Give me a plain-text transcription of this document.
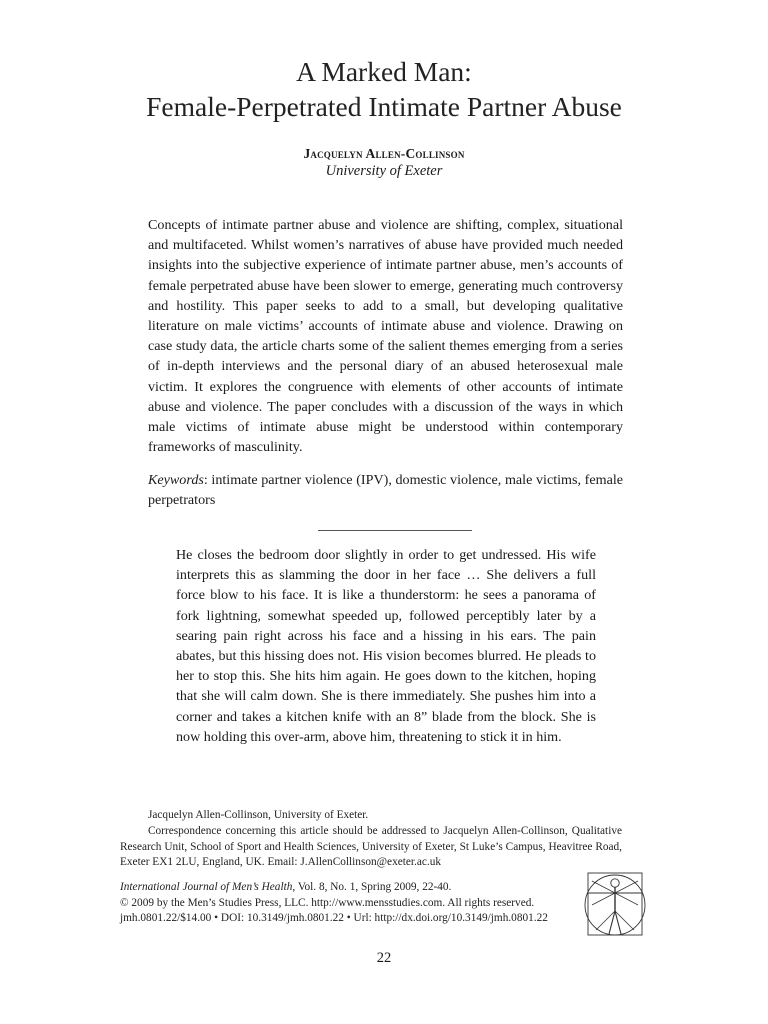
A Marked Man:
Female-Perpetrated Intimate Partner Abuse
Jacquelyn Allen-Collinson
University of Exeter
Concepts of intimate partner abuse and violence are shifting, complex, situational and multifaceted. Whilst women’s narratives of abuse have provided much needed insights into the subjective experience of intimate partner abuse, men’s accounts of female perpetrated abuse have been slower to emerge, generating much controversy and hostility. This paper seeks to add to a small, but developing qualitative literature on male victims’ accounts of intimate abuse and violence. Drawing on case study data, the article charts some of the salient themes emerging from a series of in-depth interviews and the personal diary of an abused heterosexual male victim. It explores the congruence with elements of other accounts of intimate abuse and violence. The paper concludes with a discussion of the ways in which male victims of intimate abuse might be understood within contemporary frameworks of masculinity.
Keywords: intimate partner violence (IPV), domestic violence, male victims, female perpetrators
He closes the bedroom door slightly in order to get undressed. His wife interprets this as slamming the door in her face … She delivers a full force blow to his face. It is like a thunderstorm: he sees a panorama of fork lightning, somewhat speeded up, followed perceptibly later by a searing pain right across his face and a hissing in his ears. The pain abates, but this hissing does not. His vision becomes blurred. He pleads to her to stop this. She hits him again. He goes down to the kitchen, hoping that she will calm down. She is there immediately. She pushes him into a corner and takes a kitchen knife with an 8” blade from the block. She is now holding this over-arm, above him, threatening to stick it in him.
Jacquelyn Allen-Collinson, University of Exeter.
Correspondence concerning this article should be addressed to Jacquelyn Allen-Collinson, Qualitative Research Unit, School of Sport and Health Sciences, University of Exeter, St Luke’s Campus, Heavitree Road, Exeter EX1 2LU, England, UK. Email: J.AllenCollinson@exeter.ac.uk
International Journal of Men’s Health, Vol. 8, No. 1, Spring 2009, 22-40.
© 2009 by the Men’s Studies Press, LLC. http://www.mensstudies.com. All rights reserved.
jmh.0801.22/$14.00 • DOI: 10.3149/jmh.0801.22 • Url: http://dx.doi.org/10.3149/jmh.0801.22
22
